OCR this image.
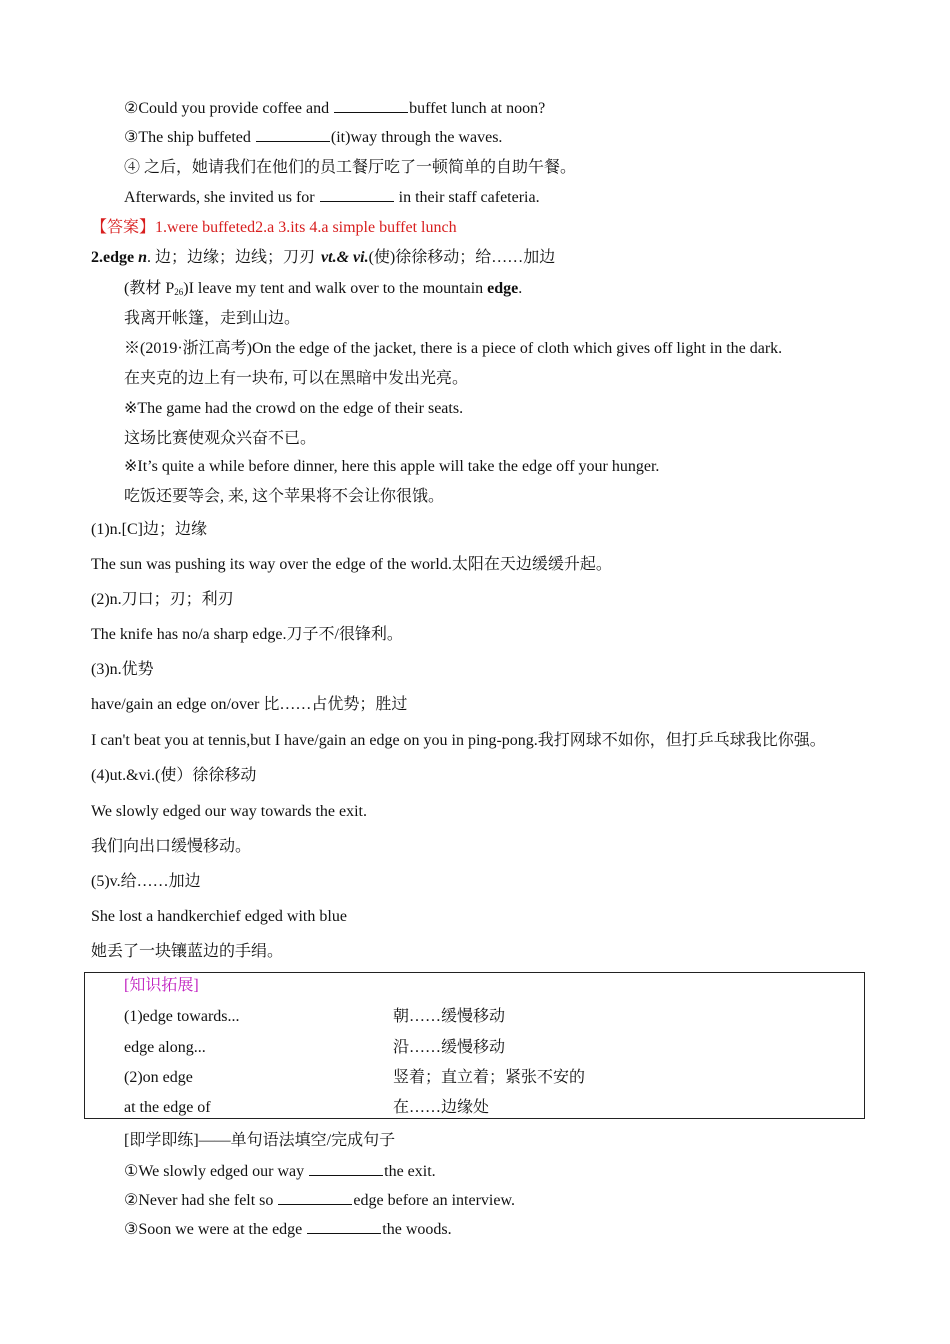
②Could you provide coffee and	buffet lunch at noon?
③The ship buffeted	(it)way through the waves.
④ 之后，她请我们在他们的员工餐厅吃了一顿简单的自助午餐。
Afterwards, she invited us for	in their staff cafeteria.
【答案】1.were buffeted2.a 3.its 4.a simple buffet lunch
2.edge n. 边；边缘；边线；刀刃 vt.& vi.(使)徐徐移动；给……加边
(教材 $P_{26})I$ leave my tent and walk over to the mountain edge.
我离开帐篷，走到山边。
※(2019·浙江高考)On the edge of the jacket, there is a piece of cloth which gives off light in the dark.
在夹克的边上有一块布, 可以在黑暗中发出光亮。
※The game had the crowd on the edge of their seats.
这场比赛使观众兴奋不已。
※It’s quite a while before dinner, here this apple will take the edge off your hunger.
吃饭还要等会, 来, 这个苹果将不会让你很饿。
(1)n.[C]边；边缘
The sun was pushing its way over the edge of the world.太阳在天边缓缓升起。
(2)n.刀口；刃；利刃
The knife has no/a sharp edge.刀子不/很锋利。
(3)n.优势
have/gain an edge on/over 比……占优势；胜过
I can't beat you at tennis,but I have/gain an edge on you in ping-pong.我打网球不如你，但打乒乓球我比你强。
(4)ut.&vi.(使）徐徐移动
We slowly edged our way towards the exit.
我们向出口缓慢移动。
(5)v.给……加边
She lost a handkerchief edged with blue
她丢了一块镶蓝边的手绢。
[知识拓展]
(1)edge towards...	朝……缓慢移动
edge along...	沿……缓慢移动
(2)on edge	竖着；直立着；紧张不安的
at the edge of	在……边缘处
[即学即练]——单句语法填空/完成句子
①We slowly edged our way	the exit.
②Never had she felt so	edge before an interview.
③Soon we were at the edge	the woods.
